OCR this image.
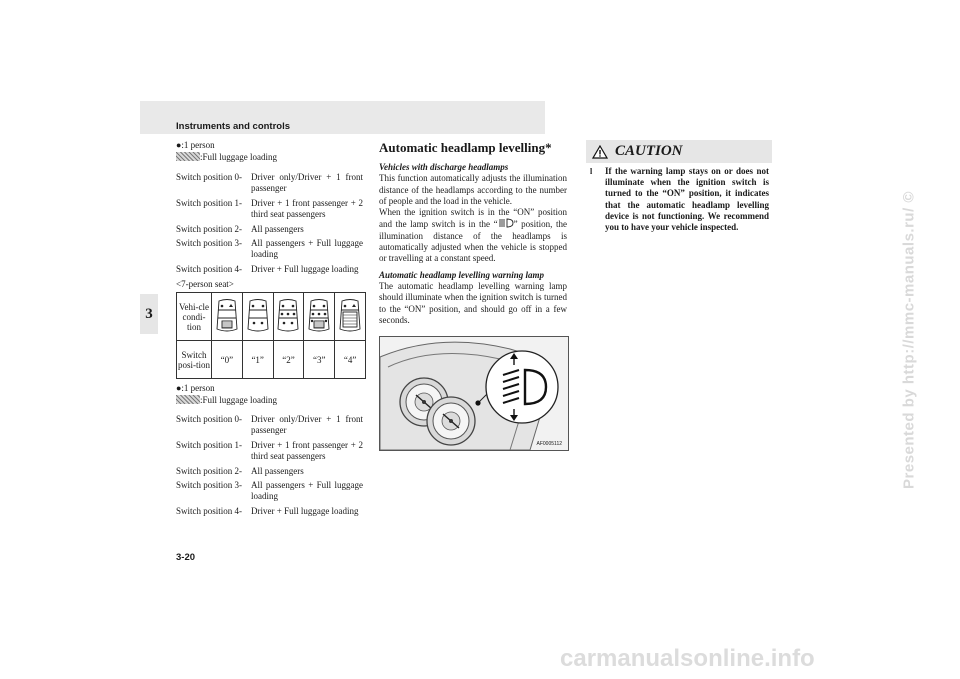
Instruments and controls
3
●:1 person
:Full luggage loading
Switch position 0- Driver only/Driver + 1 front passenger
Switch position 1- Driver + 1 front passenger + 2 third seat passengers
Switch position 2- All passengers
Switch position 3- All passengers + Full luggage loading
Switch position 4- Driver + Full luggage loading
<7-person seat>
Vehi-cle condi-tion					
Switch posi-tion	“0”	“1”	“2”	“3”	“4”
●:1 person
:Full luggage loading
Switch position 0- Driver only/Driver + 1 front passenger
Switch position 1- Driver + 1 front passenger + 2 third seat passengers
Switch position 2- All passengers
Switch position 3- All passengers + Full luggage loading
Switch position 4- Driver + Full luggage loading
3-20
Automatic headlamp levelling*
Vehicles with discharge headlamps
This function automatically adjusts the illumination distance of the headlamps according to the number of people and the load in the vehicle.
When the ignition switch is in the “ON” position and the lamp switch is in the “ ” position, the illumination distance of the headlamps is automatically adjusted when the vehicle is stopped or travelling at a constant speed.
Automatic headlamp levelling warning lamp
The automatic headlamp levelling warning lamp should illuminate when the ignition switch is turned to the “ON” position, and should go off in a few seconds.
AF0005112
CAUTION
l If the warning lamp stays on or does not illuminate when the ignition switch is turned to the “ON” position, it indicates that the automatic headlamp levelling device is not functioning. We recommend you to have your vehicle inspected.	Presented by http://mmc-manuals.ru/ ©
carmanualsonline.info
